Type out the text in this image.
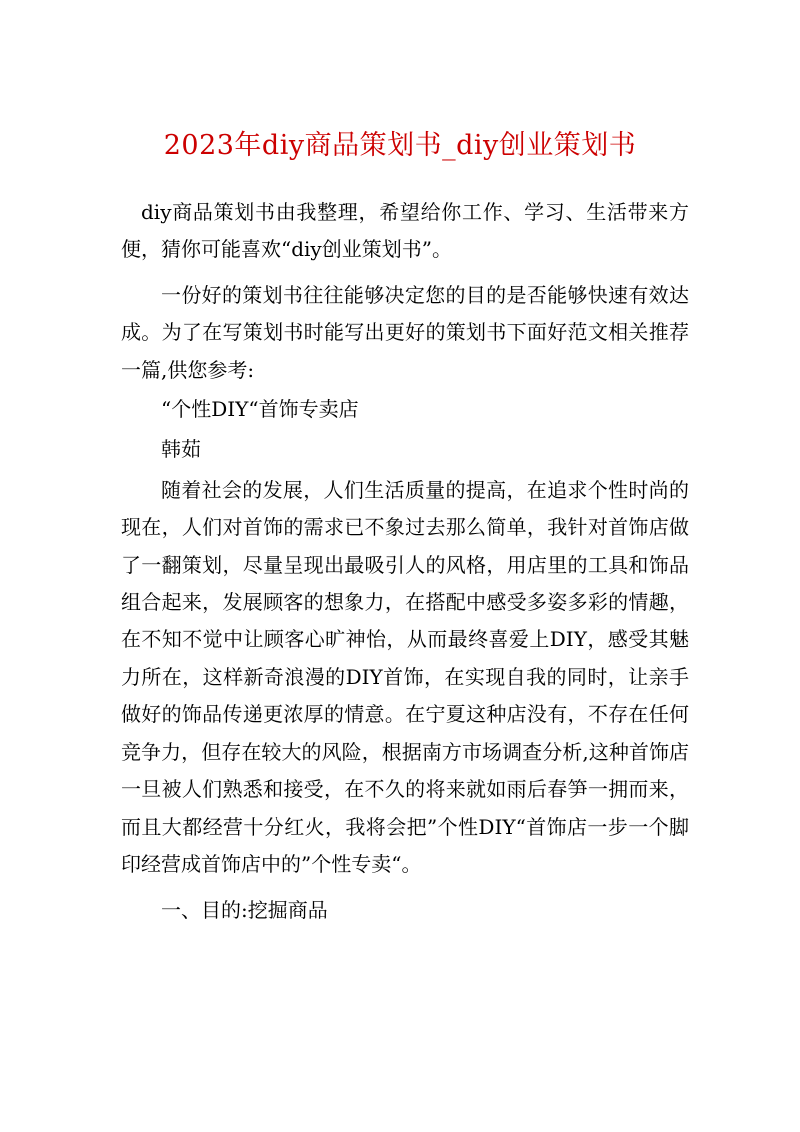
2023年diy商品策划书_diy创业策划书

diy商品策划书由我整理，希望给你工作、学习、生活带来方便，猜你可能喜欢“diy创业策划书”。

一份好的策划书往往能够决定您的目的是否能够快速有效达成。为了在写策划书时能写出更好的策划书下面好范文相关推荐一篇,供您参考:

“个性DIY“首饰专卖店

韩茹

随着社会的发展，人们生活质量的提高，在追求个性时尚的现在，人们对首饰的需求已不象过去那么简单，我针对首饰店做了一翻策划，尽量呈现出最吸引人的风格，用店里的工具和饰品组合起来，发展顾客的想象力，在搭配中感受多姿多彩的情趣，在不知不觉中让顾客心旷神怡，从而最终喜爱上DIY，感受其魅力所在，这样新奇浪漫的DIY首饰，在实现自我的同时，让亲手做好的饰品传递更浓厚的情意。在宁夏这种店没有，不存在任何竞争力，但存在较大的风险，根据南方市场调查分析,这种首饰店一旦被人们熟悉和接受，在不久的将来就如雨后春笋一拥而来，而且大都经营十分红火，我将会把”个性DIY“首饰店一步一个脚印经营成首饰店中的”个性专卖“。

一、目的:挖掘商品
